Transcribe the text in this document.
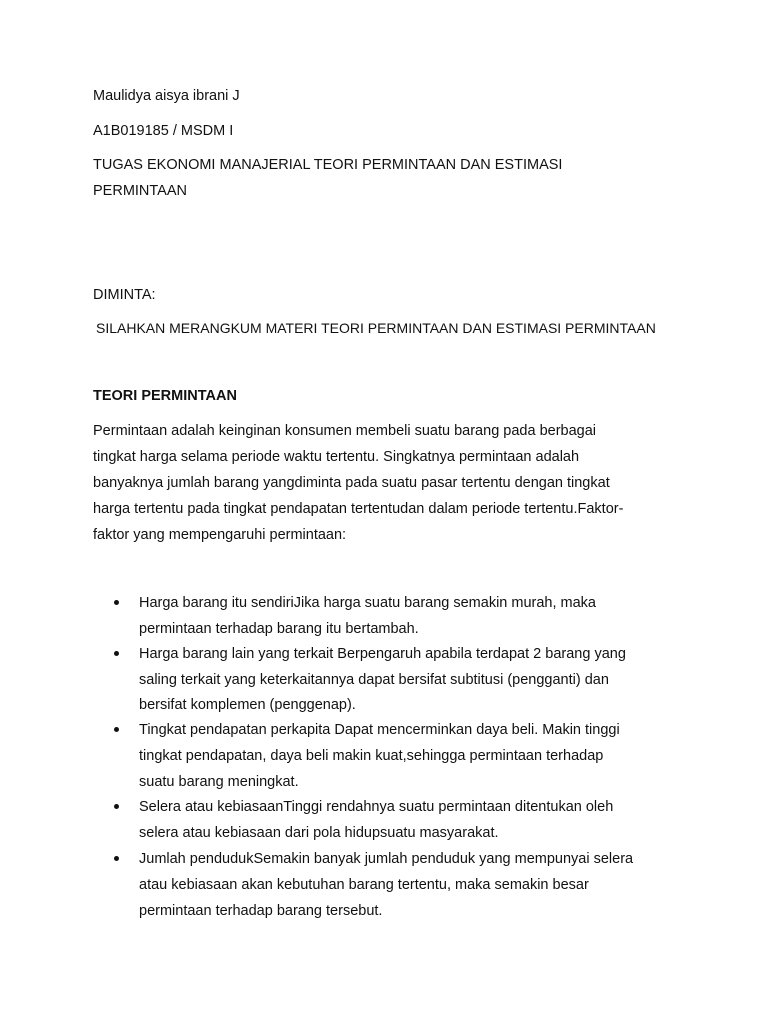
Maulidya aisya ibrani J
A1B019185 / MSDM I
TUGAS EKONOMI MANAJERIAL TEORI PERMINTAAN DAN ESTIMASI
PERMINTAAN
DIMINTA:
SILAHKAN MERANGKUM MATERI TEORI PERMINTAAN DAN ESTIMASI PERMINTAAN
TEORI PERMINTAAN
Permintaan adalah keinginan konsumen membeli suatu barang pada berbagai
tingkat harga selama periode waktu tertentu. Singkatnya permintaan adalah
banyaknya jumlah barang yangdiminta pada suatu pasar tertentu dengan tingkat
harga tertentu pada tingkat pendapatan tertentudan dalam periode tertentu.Faktor-
faktor yang mempengaruhi permintaan:
Harga barang itu sendiriJika harga suatu barang semakin murah, maka
permintaan terhadap barang itu bertambah.
Harga barang lain yang terkait Berpengaruh apabila terdapat 2 barang yang
saling terkait yang keterkaitannya dapat bersifat subtitusi (pengganti) dan
bersifat komplemen (penggenap).
Tingkat pendapatan perkapita Dapat mencerminkan daya beli. Makin tinggi
tingkat pendapatan, daya beli makin kuat,sehingga permintaan terhadap
suatu barang meningkat.
Selera atau kebiasaanTinggi rendahnya suatu permintaan ditentukan oleh
selera atau kebiasaan dari pola hidupsuatu masyarakat.
Jumlah pendudukSemakin banyak jumlah penduduk yang mempunyai selera
atau kebiasaan akan kebutuhan barang tertentu, maka semakin besar
permintaan terhadap barang tersebut.
